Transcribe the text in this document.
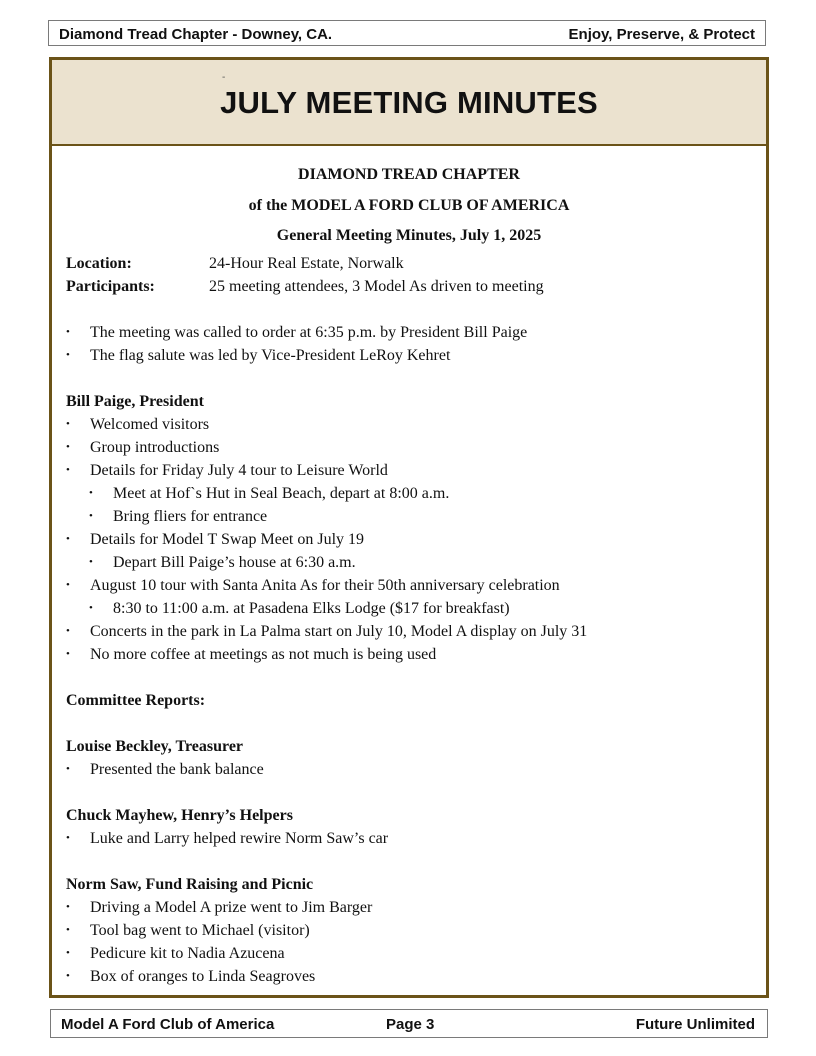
Diamond Tread Chapter - Downey, CA.	Enjoy, Preserve, & Protect
-
JULY MEETING MINUTES
DIAMOND TREAD CHAPTER
of the MODEL A FORD CLUB OF AMERICA
General Meeting Minutes, July 1, 2025
Location:	24-Hour Real Estate, Norwalk
Participants:	25 meeting attendees, 3 Model As driven to meeting
• The meeting was called to order at 6:35 p.m. by President Bill Paige
• The flag salute was led by Vice-President LeRoy Kehret
Bill Paige, President
• Welcomed visitors
• Group introductions
• Details for Friday July 4 tour to Leisure World
• Meet at Hof`s Hut in Seal Beach, depart at 8:00 a.m.
• Bring fliers for entrance
• Details for Model T Swap Meet on July 19
• Depart Bill Paige’s house at 6:30 a.m.
• August 10 tour with Santa Anita As for their 50th anniversary celebration
• 8:30 to 11:00 a.m. at Pasadena Elks Lodge ($17 for breakfast)
• Concerts in the park in La Palma start on July 10, Model A display on July 31
• No more coffee at meetings as not much is being used
Committee Reports:
Louise Beckley, Treasurer
• Presented the bank balance
Chuck Mayhew, Henry’s Helpers
• Luke and Larry helped rewire Norm Saw’s car
Norm Saw, Fund Raising and Picnic
• Driving a Model A prize went to Jim Barger
• Tool bag went to Michael (visitor)
• Pedicure kit to Nadia Azucena
• Box of oranges to Linda Seagroves
Model A Ford Club of America	Page 3	Future Unlimited
